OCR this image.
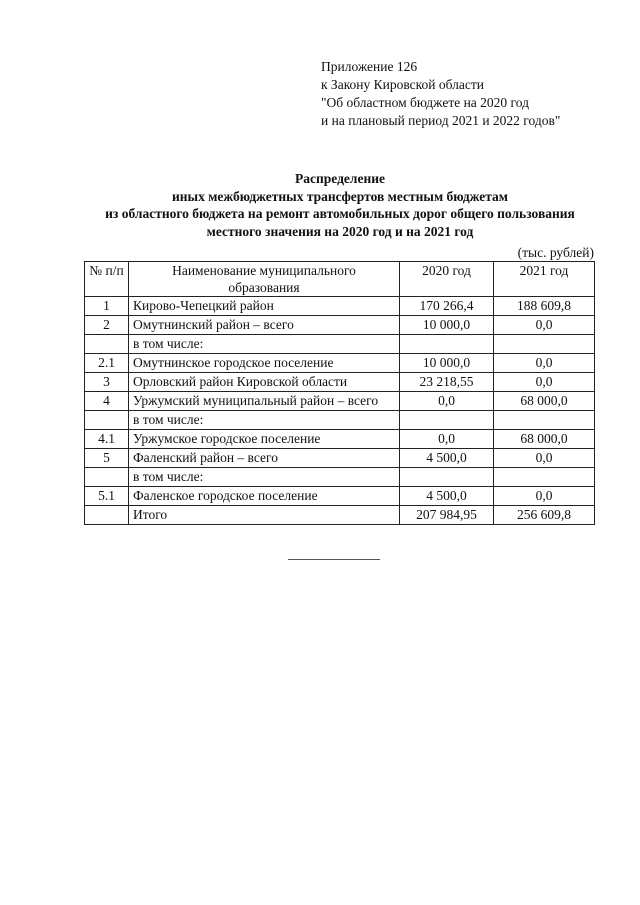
Приложение 126
к Закону Кировской области
"Об областном бюджете на 2020 год
и на плановый период 2021 и 2022 годов"
Распределение
иных межбюджетных трансфертов местным бюджетам
из областного бюджета на ремонт автомобильных дорог общего пользования
местного значения на 2020 год и на 2021 год
(тыс. рублей)
№ п/п	Наименование муниципального образования	2020 год	2021 год
1	Кирово-Чепецкий район	170 266,4	188 609,8
2	Омутнинский район – всего	10 000,0	0,0
	в том числе:		
2.1	Омутнинское городское поселение	10 000,0	0,0
3	Орловский район Кировской области	23 218,55	0,0
4	Уржумский муниципальный район – всего	0,0	68 000,0
	в том числе:		
4.1	Уржумское городское поселение	0,0	68 000,0
5	Фаленский район – всего	4 500,0	0,0
	в том числе:		
5.1	Фаленское городское поселение	4 500,0	0,0
	Итого	207 984,95	256 609,8
